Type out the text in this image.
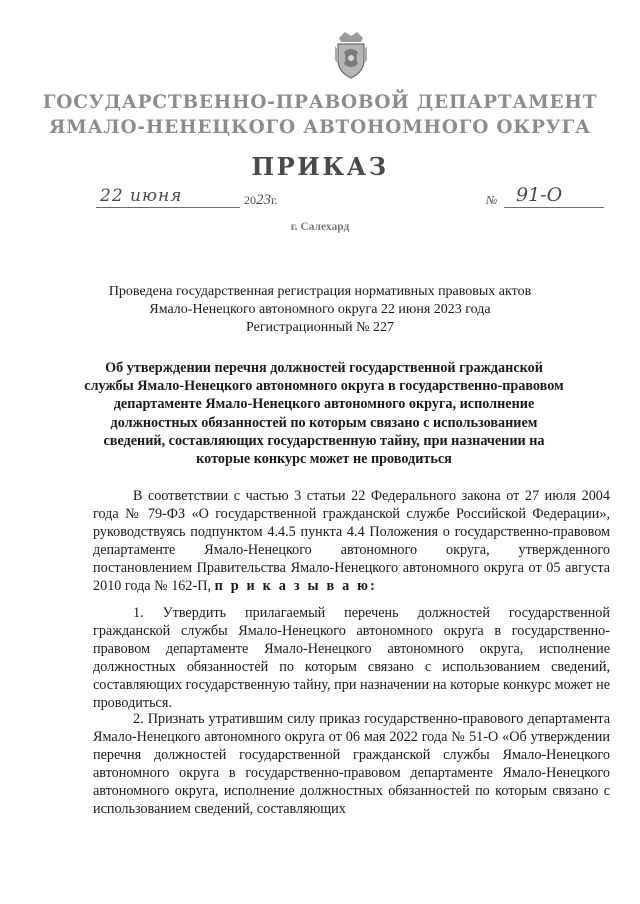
ГОСУДАРСТВЕННО-ПРАВОВОЙ ДЕПАРТАМЕНТ
ЯМАЛО-НЕНЕЦКОГО АВТОНОМНОГО ОКРУГА
ПРИКАЗ
22 июня	2023г.	№ 91-О
г. Салехард
Проведена государственная регистрация нормативных правовых актов
Ямало-Ненецкого автономного округа 22 июня 2023 года
Регистрационный № 227
Об утверждении перечня должностей государственной гражданской службы Ямало-Ненецкого автономного округа в государственно-правовом департаменте Ямало-Ненецкого автономного округа, исполнение должностных обязанностей по которым связано с использованием сведений, составляющих государственную тайну, при назначении на которые конкурс может не проводиться
В соответствии с частью 3 статьи 22 Федерального закона от 27 июля 2004 года № 79-ФЗ «О государственной гражданской службе Российской Федерации», руководствуясь подпунктом 4.4.5 пункта 4.4 Положения о государственно-правовом департаменте Ямало-Ненецкого автономного округа, утвержденного постановлением Правительства Ямало-Ненецкого автономного округа от 05 августа 2010 года № 162-П, п р и к а з ы в а ю:
1. Утвердить прилагаемый перечень должностей государственной гражданской службы Ямало-Ненецкого автономного округа в государственно-правовом департаменте Ямало-Ненецкого автономного округа, исполнение должностных обязанностей по которым связано с использованием сведений, составляющих государственную тайну, при назначении на которые конкурс может не проводиться.
2. Признать утратившим силу приказ государственно-правового департамента Ямало-Ненецкого автономного округа от 06 мая 2022 года № 51-О «Об утверждении перечня должностей государственной гражданской службы Ямало-Ненецкого автономного округа в государственно-правовом департаменте Ямало-Ненецкого автономного округа, исполнение должностных обязанностей по которым связано с использованием сведений, составляющих
